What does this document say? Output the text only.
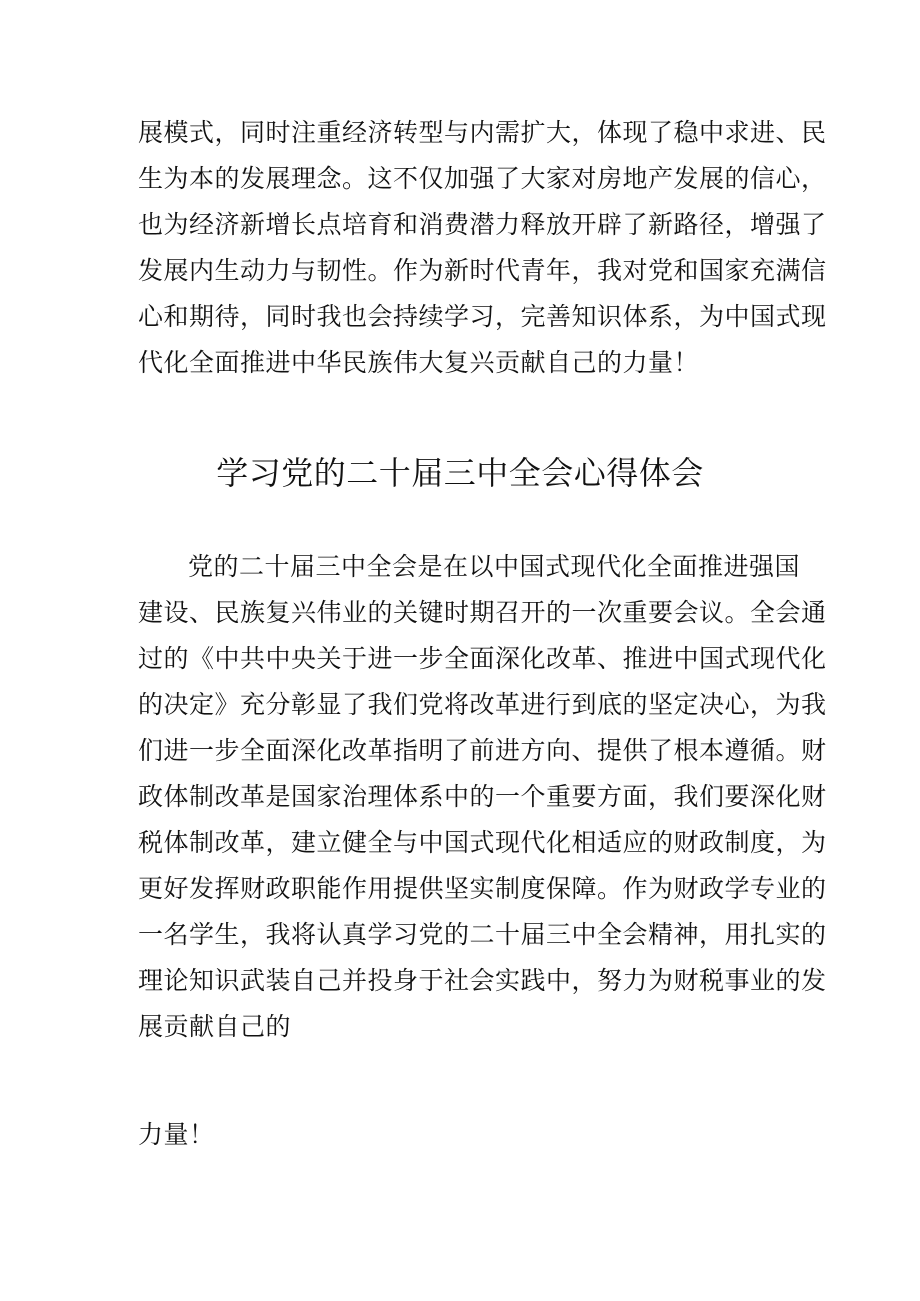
展模式，同时注重经济转型与内需扩大，体现了稳中求进、民
生为本的发展理念。这不仅加强了大家对房地产发展的信心，
也为经济新增长点培育和消费潜力释放开辟了新路径，增强了
发展内生动力与韧性。作为新时代青年，我对党和国家充满信
心和期待，同时我也会持续学习，完善知识体系，为中国式现
代化全面推进中华民族伟大复兴贡献自己的力量！
学习党的二十届三中全会心得体会
党的二十届三中全会是在以中国式现代化全面推进强国
建设、民族复兴伟业的关键时期召开的一次重要会议。全会通
过的《中共中央关于进一步全面深化改革、推进中国式现代化
的决定》充分彰显了我们党将改革进行到底的坚定决心，为我
们进一步全面深化改革指明了前进方向、提供了根本遵循。财
政体制改革是国家治理体系中的一个重要方面，我们要深化财
税体制改革，建立健全与中国式现代化相适应的财政制度，为
更好发挥财政职能作用提供坚实制度保障。作为财政学专业的
一名学生，我将认真学习党的二十届三中全会精神，用扎实的
理论知识武装自己并投身于社会实践中，努力为财税事业的发
展贡献自己的
力量！
